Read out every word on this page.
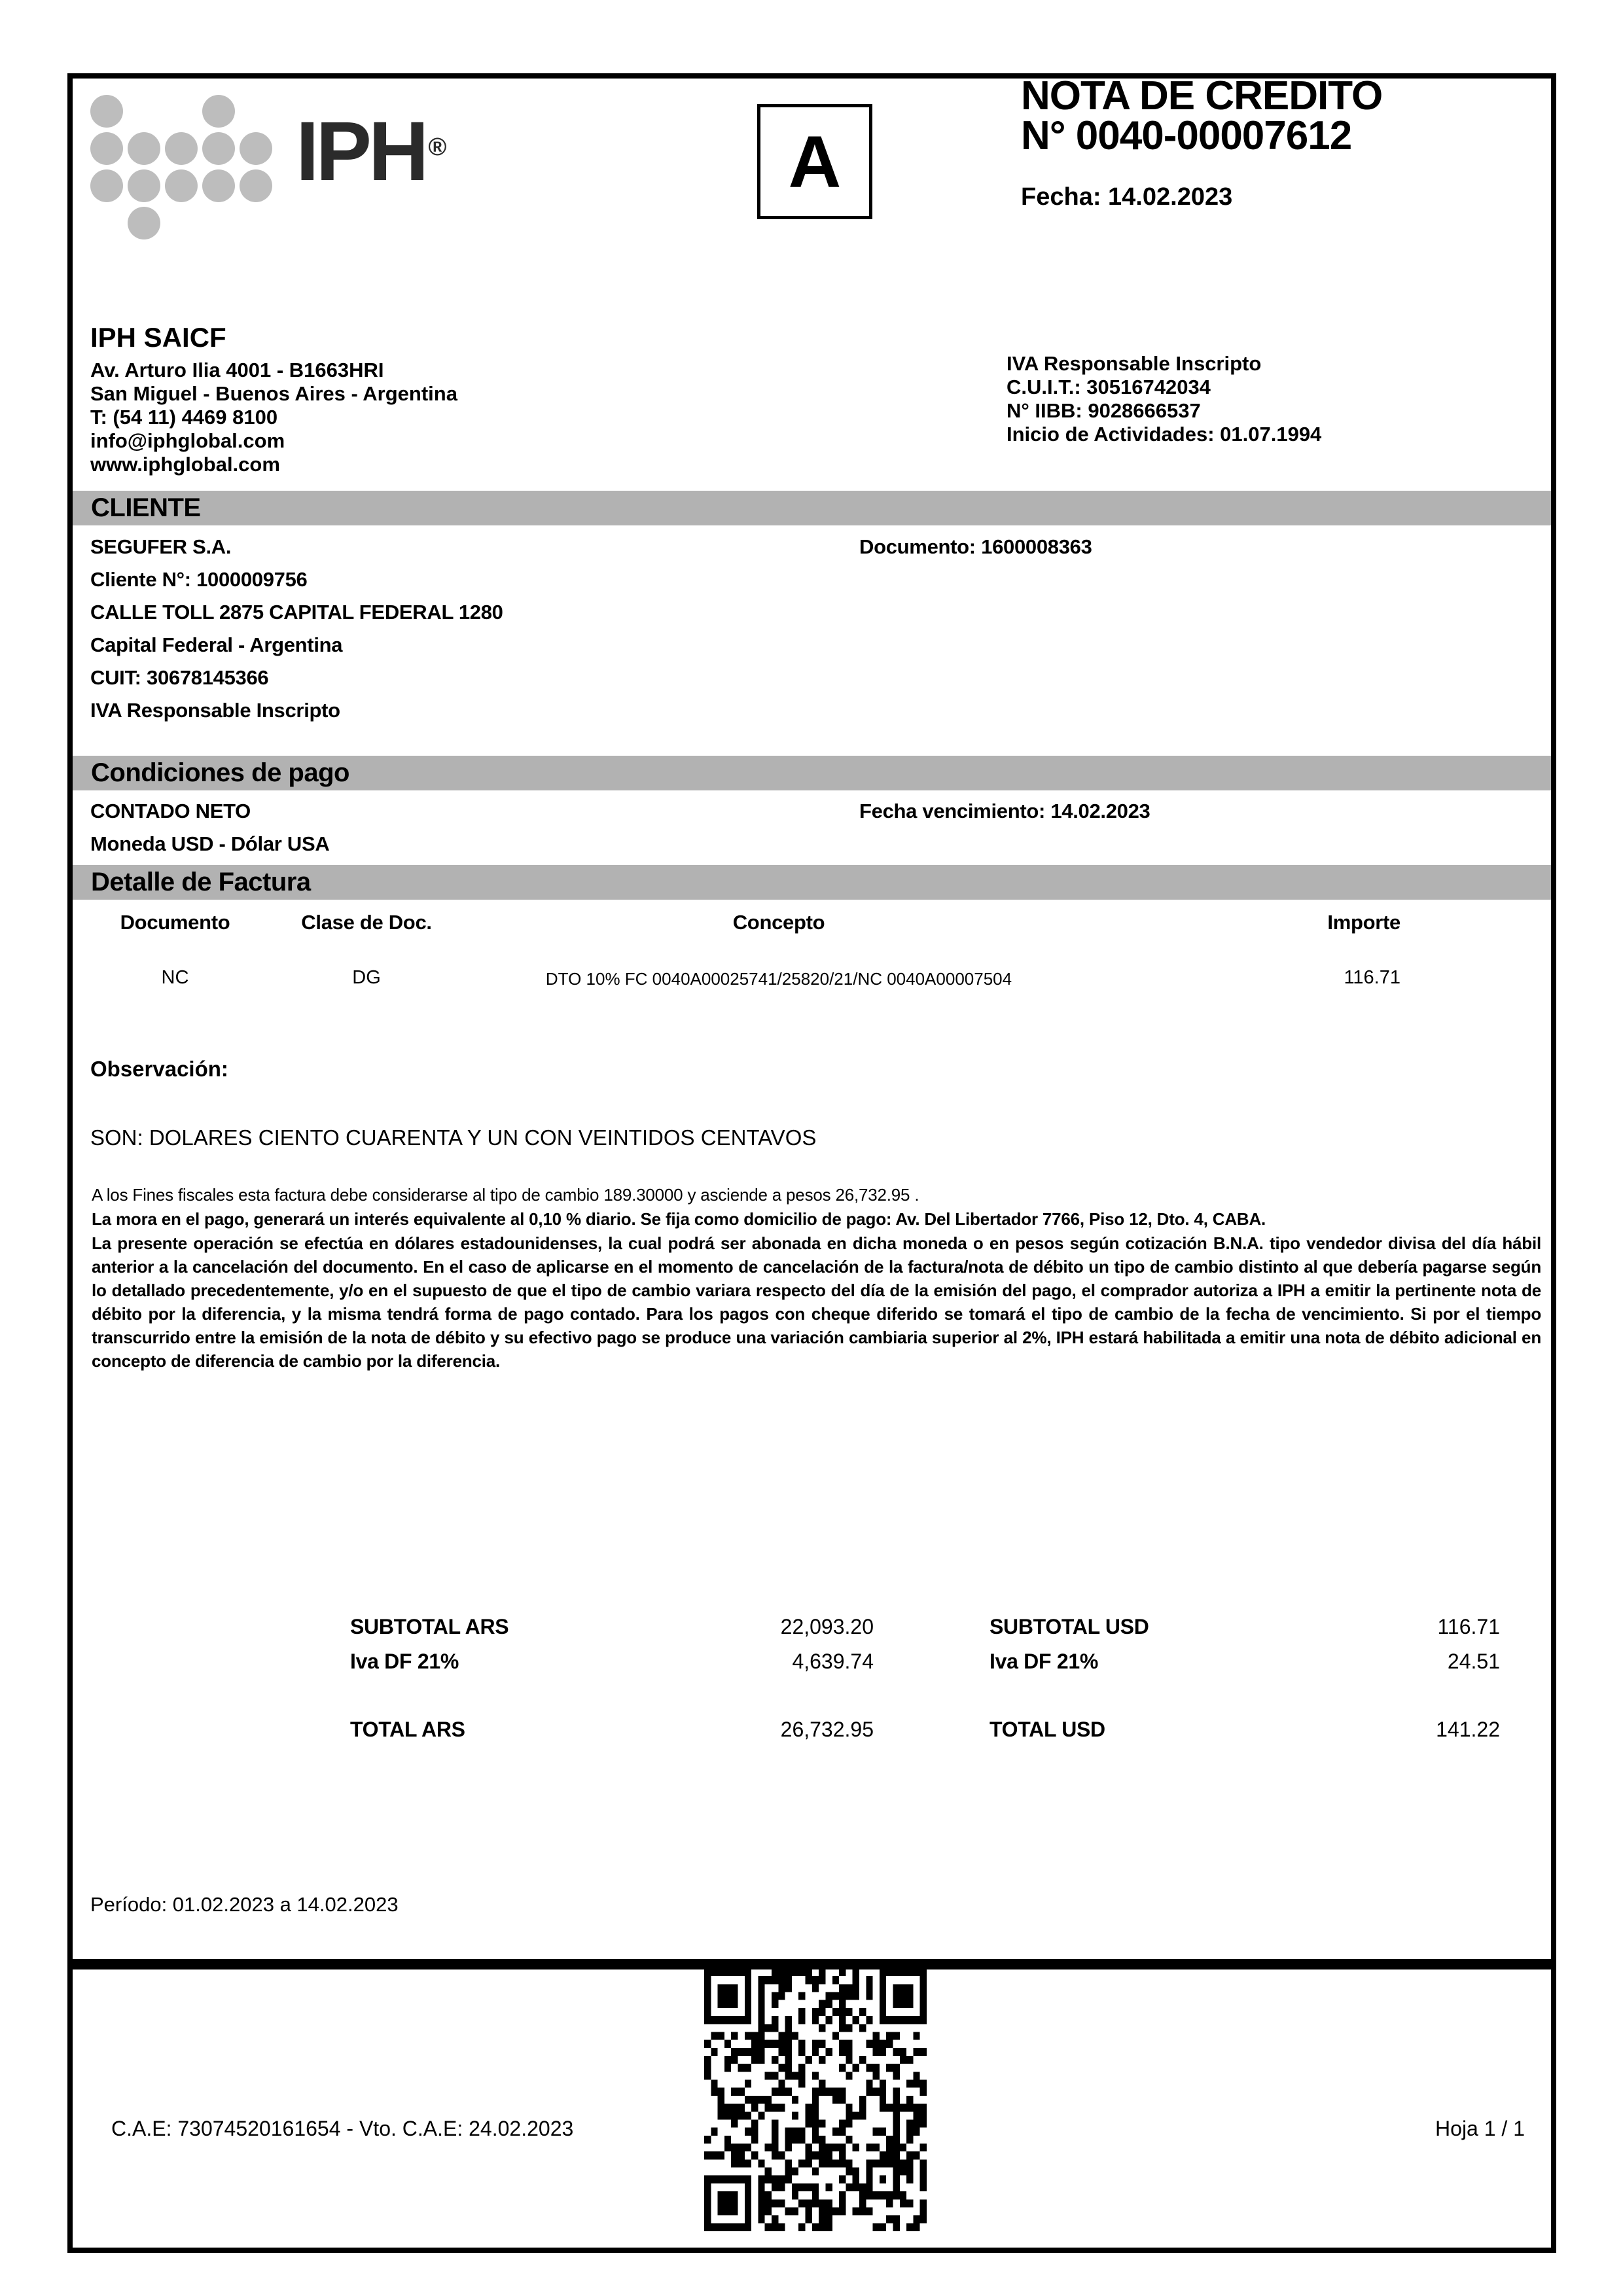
IPH ®	A
NOTA DE CREDITO
N° 0040-00007612
Fecha: 14.02.2023
IPH SAICF
Av. Arturo Ilia 4001 - B1663HRI
San Miguel - Buenos Aires - Argentina
T: (54 11) 4469 8100
info@iphglobal.com
www.iphglobal.com
IVA Responsable Inscripto
C.U.I.T.: 30516742034
N° IIBB: 9028666537
Inicio de Actividades: 01.07.1994
CLIENTE
SEGUFER S.A.	Documento: 1600008363
Cliente N°: 1000009756
CALLE TOLL 2875 CAPITAL FEDERAL 1280
Capital Federal - Argentina
CUIT: 30678145366
IVA Responsable Inscripto
Condiciones de pago
CONTADO NETO	Fecha vencimiento: 14.02.2023
Moneda USD - Dólar USA
Detalle de Factura
Documento	Clase de Doc.	Concepto	Importe
NC	DG	DTO 10% FC 0040A00025741/25820/21/NC 0040A00007504	116.71
Observación:
SON: DOLARES CIENTO CUARENTA Y UN CON VEINTIDOS CENTAVOS
A los Fines fiscales esta factura debe considerarse al tipo de cambio 189.30000 y asciende a pesos 26,732.95 .
La mora en el pago, generará un interés equivalente al 0,10 % diario. Se fija como domicilio de pago: Av. Del Libertador 7766, Piso 12, Dto. 4, CABA.
La presente operación se efectúa en dólares estadounidenses, la cual podrá ser abonada en dicha moneda o en pesos según cotización B.N.A. tipo vendedor divisa del día hábil anterior a la cancelación del documento. En el caso de aplicarse en el momento de cancelación de la factura/nota de débito un tipo de cambio distinto al que debería pagarse según lo detallado precedentemente, y/o en el supuesto de que el tipo de cambio variara respecto del día de la emisión del pago, el comprador autoriza a IPH a emitir la pertinente nota de débito por la diferencia, y la misma tendrá forma de pago contado. Para los pagos con cheque diferido se tomará el tipo de cambio de la fecha de vencimiento. Si por el tiempo transcurrido entre la emisión de la nota de débito y su efectivo pago se produce una variación cambiaria superior al 2%, IPH estará habilitada a emitir una nota de débito adicional en concepto de diferencia de cambio por la diferencia.
SUBTOTAL ARS	22,093.20	SUBTOTAL USD	116.71
Iva DF 21%	4,639.74	Iva DF 21%	24.51
TOTAL ARS	26,732.95	TOTAL USD	141.22
Período: 01.02.2023 a 14.02.2023
C.A.E: 73074520161654 - Vto. C.A.E: 24.02.2023	Hoja 1 / 1
